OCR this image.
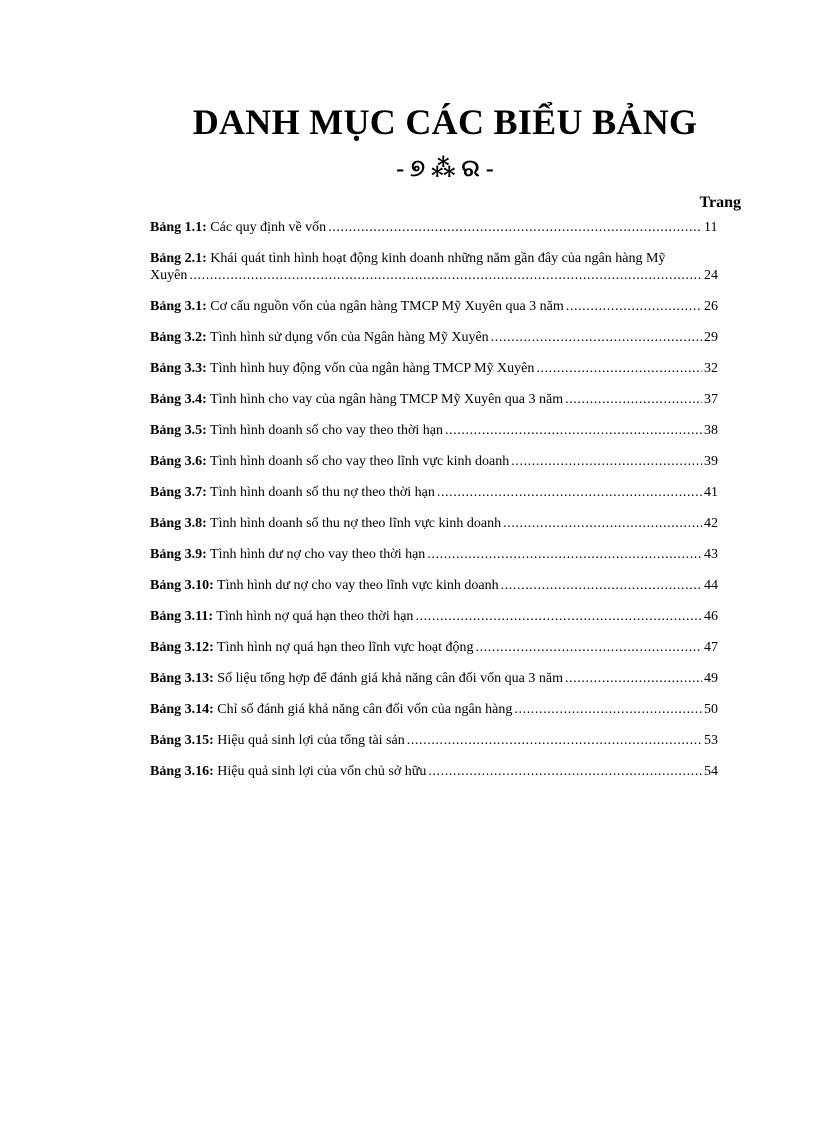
DANH MỤC CÁC BIỂU BẢNG
- ୭ ⁂ ର -
Trang
Bảng 1.1: Các quy định về vốn .....	11
Bảng 2.1: Khái quát tình hình hoạt động kinh doanh những năm gần đây của ngân hàng Mỹ
Xuyên .....	24
Bảng 3.1: Cơ cấu nguồn vốn của ngân hàng TMCP Mỹ Xuyên qua 3 năm .....	26
Bảng 3.2: Tình hình sử dụng vốn của Ngân hàng Mỹ Xuyên .....	29
Bảng 3.3: Tình hình huy động vốn của ngân hàng TMCP Mỹ Xuyên .....	32
Bảng 3.4: Tình hình cho vay của ngân hàng TMCP Mỹ Xuyên qua 3 năm .....	37
Bảng 3.5: Tình hình doanh số cho vay theo thời hạn .....	38
Bảng 3.6: Tình hình doanh số cho vay theo lĩnh vực kinh doanh .....	39
Bảng 3.7: Tình hình doanh số thu nợ theo thời hạn .....	41
Bảng 3.8: Tình hình doanh số thu nợ theo lĩnh vực kinh doanh .....	42
Bảng 3.9: Tình hình dư nợ cho vay theo thời hạn .....	43
Bảng 3.10: Tình hình dư nợ cho vay theo lĩnh vực kinh doanh .....	44
Bảng 3.11: Tình hình nợ quá hạn theo thời hạn .....	46
Bảng 3.12: Tình hình nợ quá hạn theo lĩnh vực hoạt động .....	47
Bảng 3.13: Số liệu tổng hợp để đánh giá khả năng cân đối vốn qua 3 năm .....	49
Bảng 3.14: Chỉ số đánh giá khả năng cân đối vốn của ngân hàng .....	50
Bảng 3.15: Hiệu quả sinh lợi của tổng tài sản .....	53
Bảng 3.16: Hiệu quả sinh lợi của vốn chủ sở hữu .....	54
